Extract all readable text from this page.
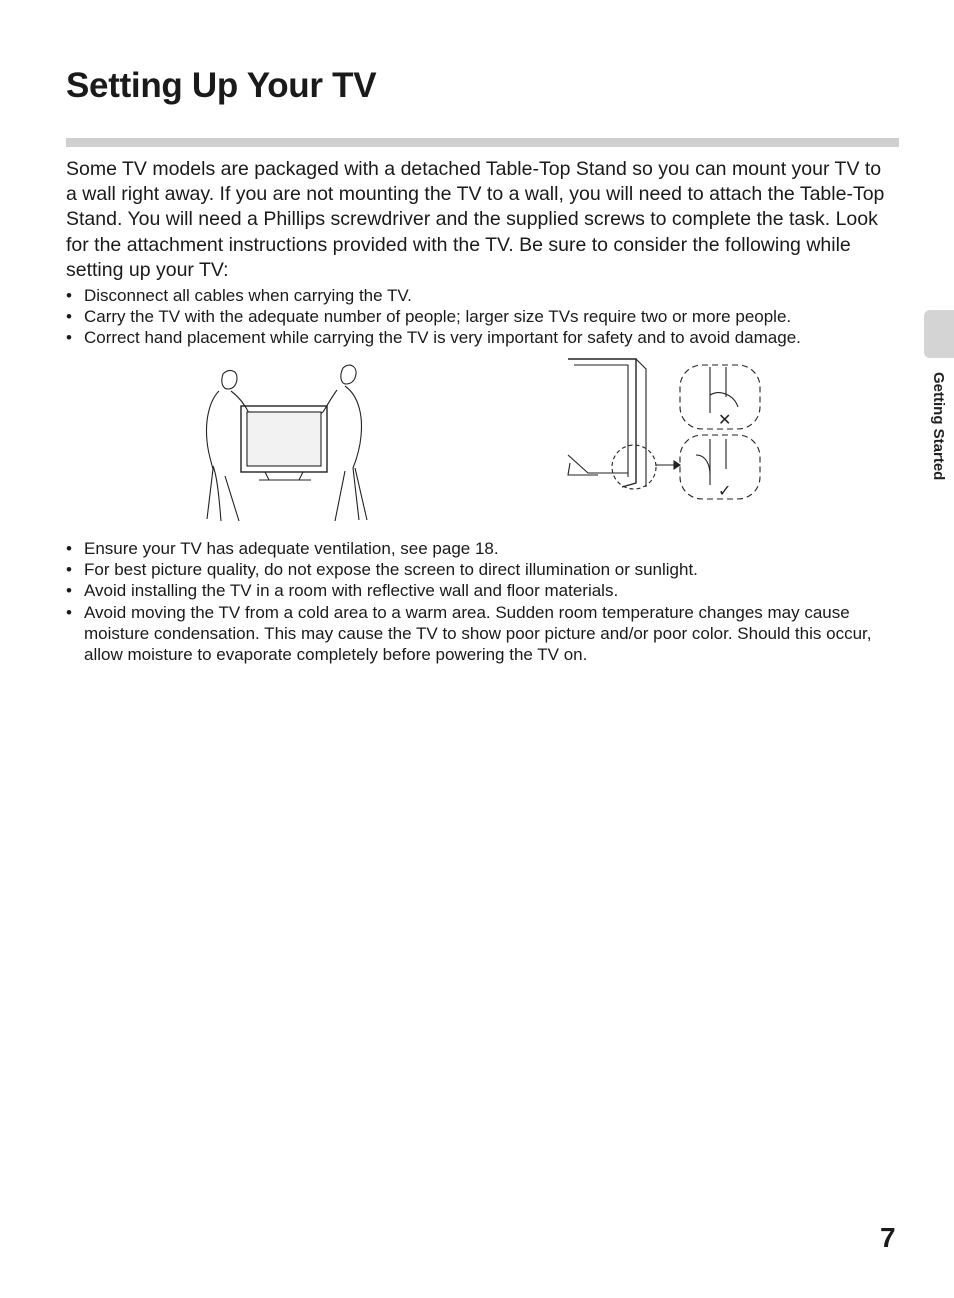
Setting Up Your TV

Some TV models are packaged with a detached Table-Top Stand so you can mount your TV to a wall right away. If you are not mounting the TV to a wall, you will need to attach the Table-Top Stand. You will need a Phillips screwdriver and the supplied screws to complete the task. Look for the attachment instructions provided with the TV. Be sure to consider the following while setting up your TV:

• Disconnect all cables when carrying the TV.
• Carry the TV with the adequate number of people; larger size TVs require two or more people.
• Correct hand placement while carrying the TV is very important for safety and to avoid damage.
✕
✓
• Ensure your TV has adequate ventilation, see page 18.
• For best picture quality, do not expose the screen to direct illumination or sunlight.
• Avoid installing the TV in a room with reflective wall and floor materials.
• Avoid moving the TV from a cold area to a warm area. Sudden room temperature changes may cause moisture condensation. This may cause the TV to show poor picture and/or poor color. Should this occur, allow moisture to evaporate completely before powering the TV on.
Getting Started
7
